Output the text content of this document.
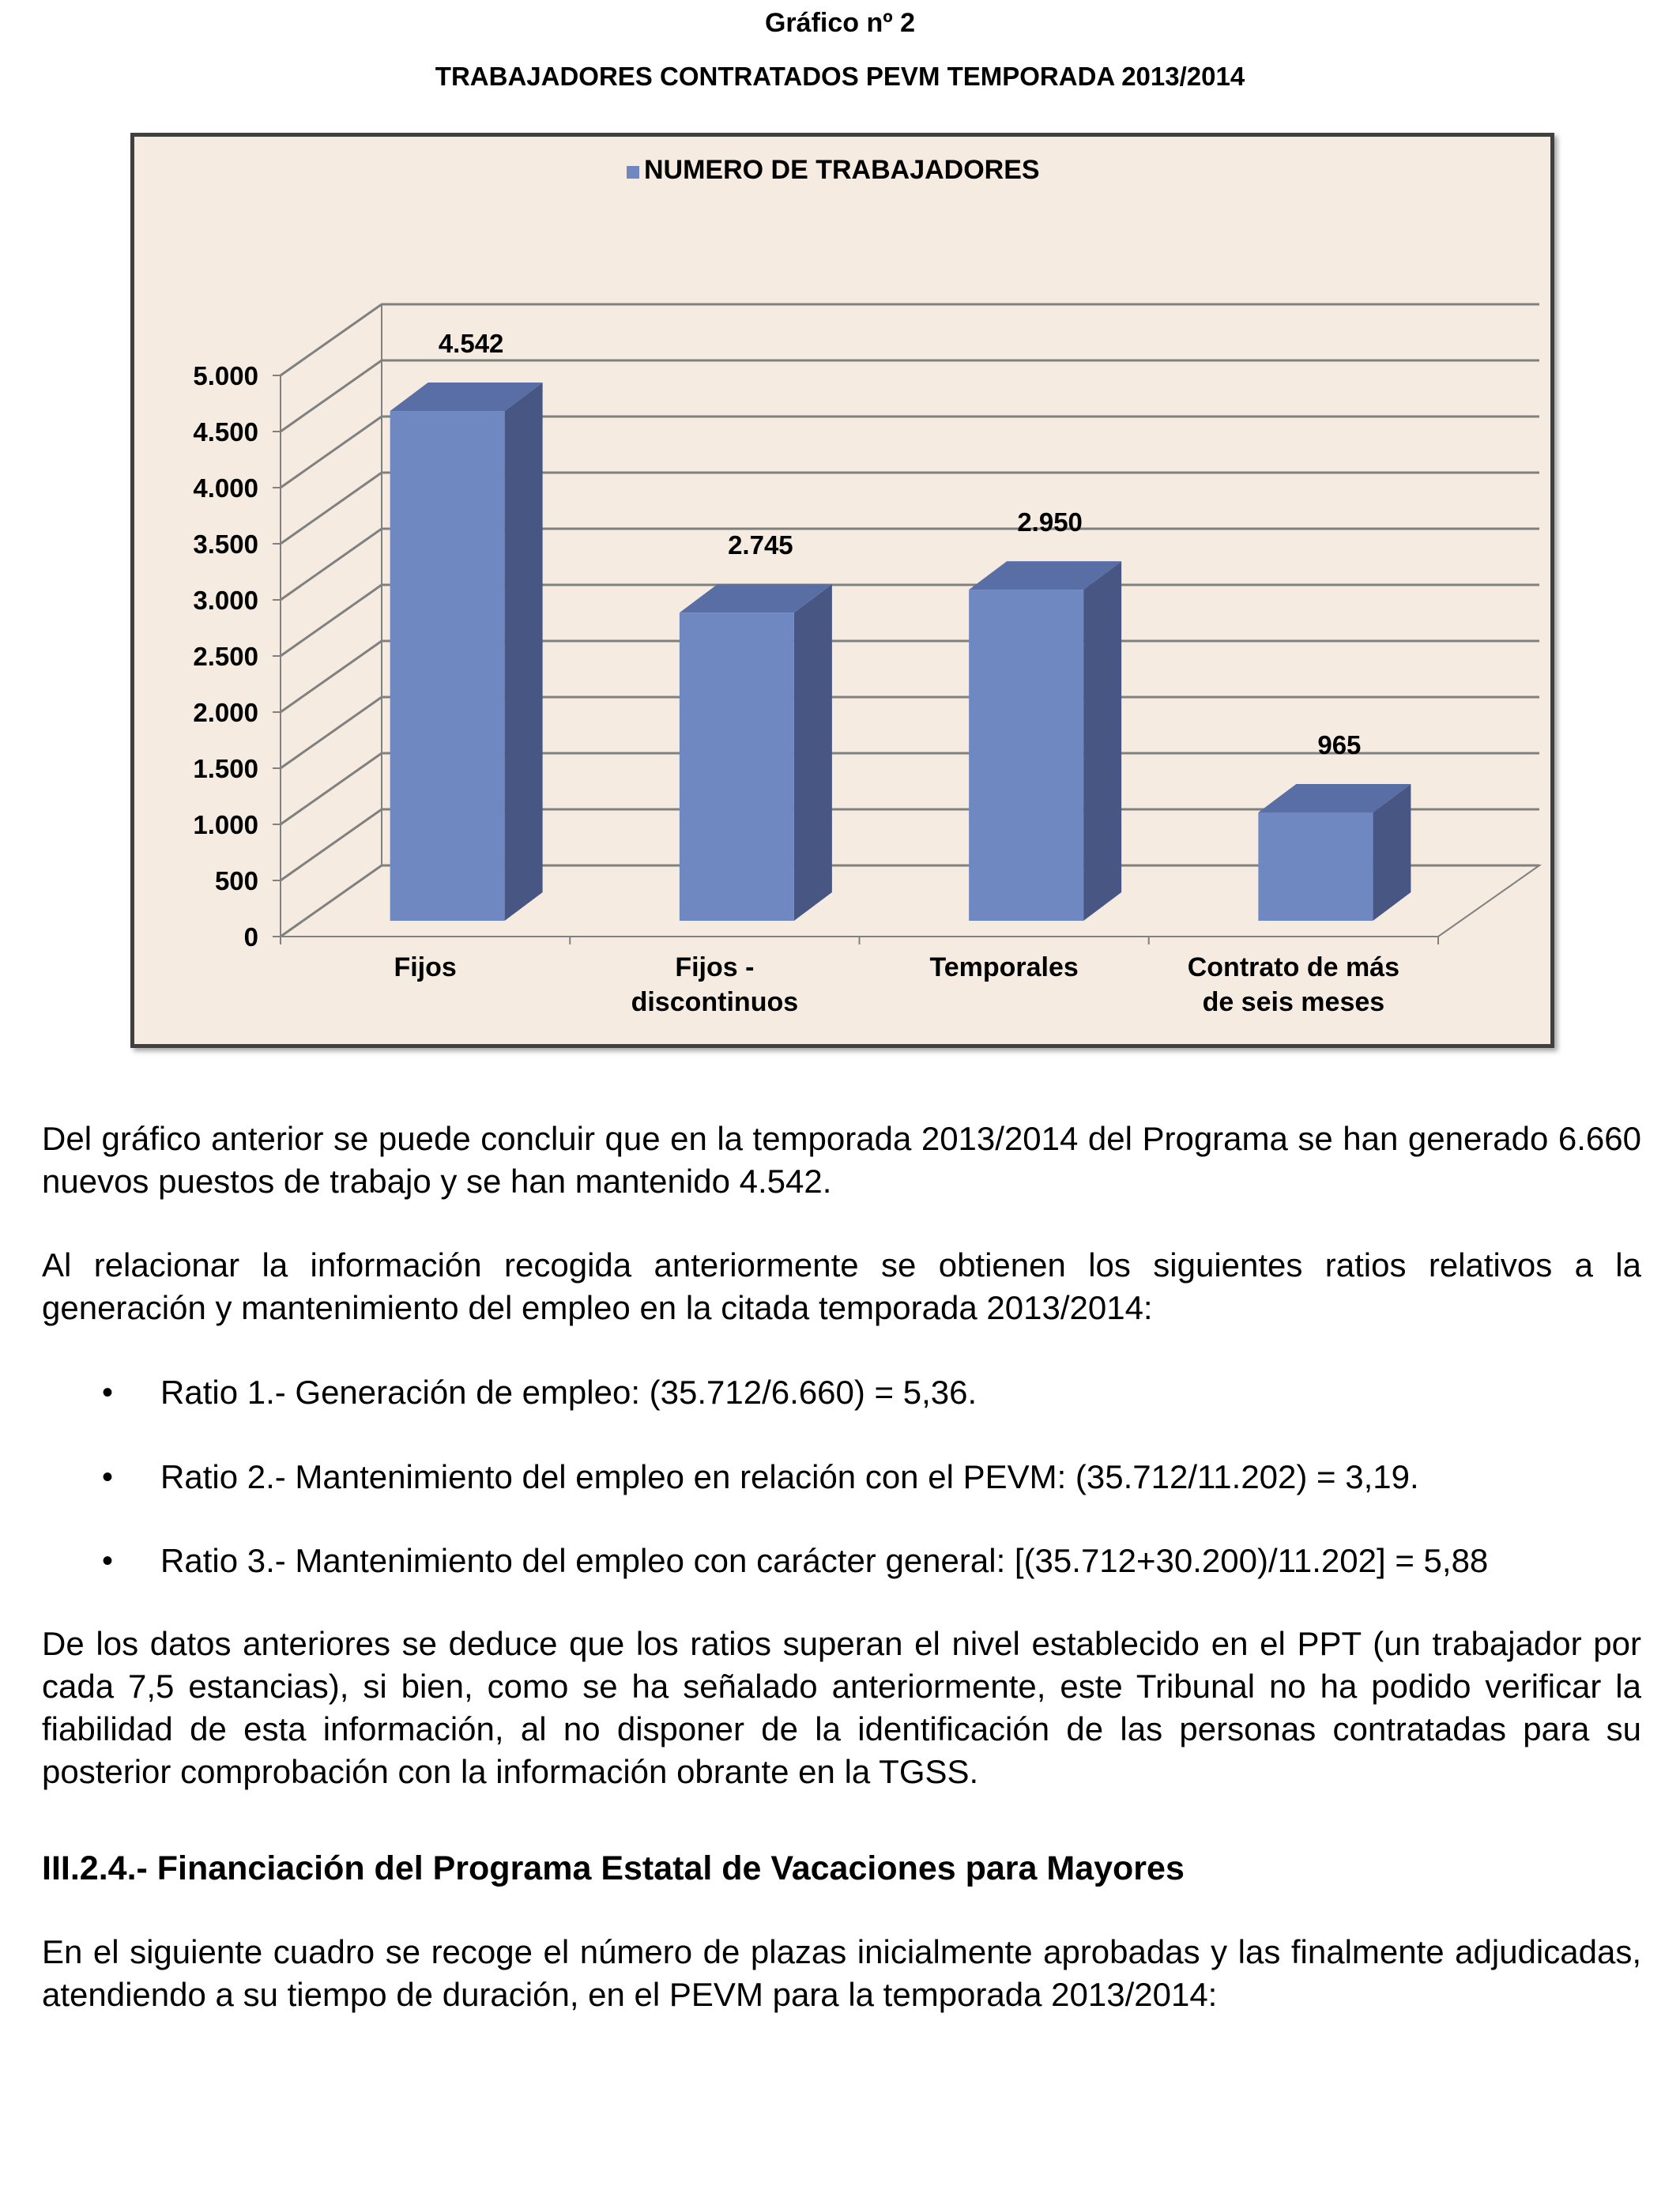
Gráfico nº 2
TRABAJADORES CONTRATADOS PEVM TEMPORADA 2013/2014
0
500
1.000
1.500
2.000
2.500
3.000
3.500
4.000
4.500
5.000
4.542
Fijos
2.745
Fijos -
discontinuos
2.950
Temporales
965
Contrato de más
de seis meses
NUMERO DE TRABAJADORES

Del gráfico anterior se puede concluir que en la temporada 2013/2014 del Programa se han generado 6.660 nuevos puestos de trabajo y se han mantenido 4.542.

Al relacionar la información recogida anteriormente se obtienen los siguientes ratios relativos a la generación y mantenimiento del empleo en la citada temporada 2013/2014:

• Ratio 1.- Generación de empleo: (35.712/6.660) = 5,36.
• Ratio 2.- Mantenimiento del empleo en relación con el PEVM: (35.712/11.202) = 3,19.
• Ratio 3.- Mantenimiento del empleo con carácter general: [(35.712+30.200)/11.202] = 5,88

De los datos anteriores se deduce que los ratios superan el nivel establecido en el PPT (un trabajador por cada 7,5 estancias), si bien, como se ha señalado anteriormente, este Tribunal no ha podido verificar la fiabilidad de esta información, al no disponer de la identificación de las personas contratadas para su posterior comprobación con la información obrante en la TGSS.

III.2.4.- Financiación del Programa Estatal de Vacaciones para Mayores

En el siguiente cuadro se recoge el número de plazas inicialmente aprobadas y las finalmente adjudicadas, atendiendo a su tiempo de duración, en el PEVM para la temporada 2013/2014:
